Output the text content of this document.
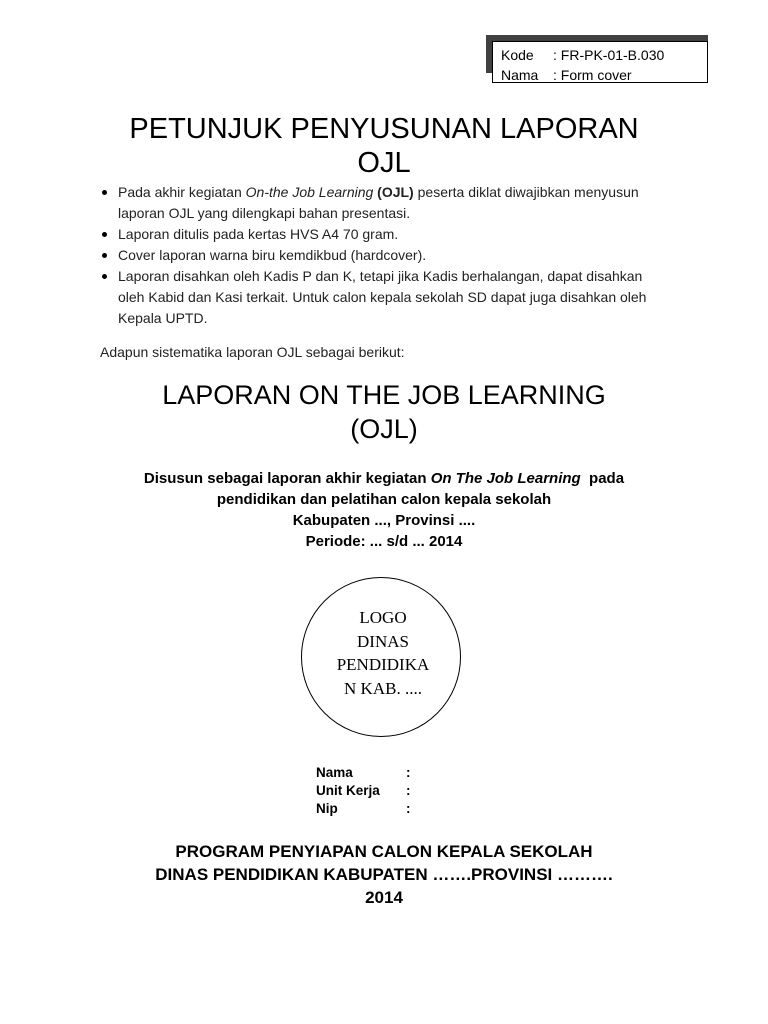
Kode : FR-PK-01-B.030
Nama : Form cover
PETUNJUK PENYUSUNAN LAPORAN
OJL
Pada akhir kegiatan On-the Job Learning (OJL) peserta diklat diwajibkan menyusun laporan OJL yang dilengkapi bahan presentasi.
Laporan ditulis pada kertas HVS A4 70 gram.
Cover laporan warna biru kemdikbud (hardcover).
Laporan disahkan oleh Kadis P dan K, tetapi jika Kadis berhalangan, dapat disahkan oleh Kabid dan Kasi terkait. Untuk calon kepala sekolah SD dapat juga disahkan oleh Kepala UPTD.
Adapun sistematika laporan OJL sebagai berikut:
LAPORAN ON THE JOB LEARNING
(OJL)
Disusun sebagai laporan akhir kegiatan On The Job Learning  pada
pendidikan dan pelatihan calon kepala sekolah
Kabupaten ..., Provinsi ....
Periode: ... s/d ... 2014
LOGO
DINAS
PENDIDIKA
N KAB. ....
Nama	:
Unit Kerja :
Nip	:
PROGRAM PENYIAPAN CALON KEPALA SEKOLAH
DINAS PENDIDIKAN KABUPATEN …….PROVINSI ……….
2014
